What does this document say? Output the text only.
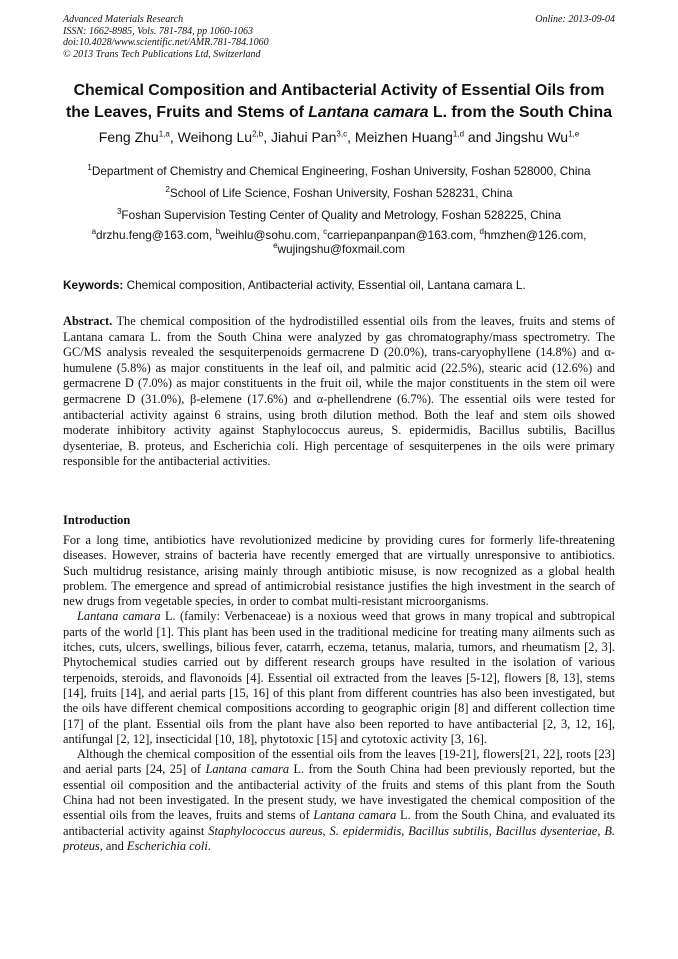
Advanced Materials Research
ISSN: 1662-8985, Vols. 781-784, pp 1060-1063
doi:10.4028/www.scientific.net/AMR.781-784.1060
© 2013 Trans Tech Publications Ltd, Switzerland
Online: 2013-09-04
Chemical Composition and Antibacterial Activity of Essential Oils from
the Leaves, Fruits and Stems of Lantana camara L. from the South China
Feng Zhu$^{1,a}$, Weihong Lu$^{2,b}$, Jiahui Pan$^{3,c}$, Meizhen Huang$^{1,d}$ and Jingshu Wu$^{1,e}$
$^1$Department of Chemistry and Chemical Engineering, Foshan University, Foshan 528000, China
$^2$School of Life Science, Foshan University, Foshan 528231, China
$^3$Foshan Supervision Testing Center of Quality and Metrology, Foshan 528225, China
$^a$drzhu.feng@163.com, $^b$weihlu@sohu.com, $^c$carriepanpanpan@163.com, $^d$hmzhen@126.com,
$^e$wujingshu@foxmail.com
Keywords: Chemical composition, Antibacterial activity, Essential oil, Lantana camara L.
Abstract. The chemical composition of the hydrodistilled essential oils from the leaves, fruits and stems of Lantana camara L. from the South China were analyzed by gas chromatography/mass spectrometry. The GC/MS analysis revealed the sesquiterpenoids germacrene D (20.0%), trans-caryophyllene (14.8%) and α-humulene (5.8%) as major constituents in the leaf oil, and palmitic acid (22.5%), stearic acid (12.6%) and germacrene D (7.0%) as major constituents in the fruit oil, while the major constituents in the stem oil were germacrene D (31.0%), β-elemene (17.6%) and α-phellendrene (6.7%). The essential oils were tested for antibacterial activity against 6 strains, using broth dilution method. Both the leaf and stem oils showed moderate inhibitory activity against Staphylococcus aureus, S. epidermidis, Bacillus subtilis, Bacillus dysenteriae, B. proteus, and Escherichia coli. High percentage of sesquiterpenes in the oils were primary responsible for the antibacterial activities.
Introduction

For a long time, antibiotics have revolutionized medicine by providing cures for formerly life-threatening diseases. However, strains of bacteria have recently emerged that are virtually unresponsive to antibiotics. Such multidrug resistance, arising mainly through antibiotic misuse, is now recognized as a global health problem. The emergence and spread of antimicrobial resistance justifies the high investment in the search of new drugs from vegetable species, in order to combat multi-resistant microorganisms.

Lantana camara L. (family: Verbenaceae) is a noxious weed that grows in many tropical and subtropical parts of the world [1]. This plant has been used in the traditional medicine for treating many ailments such as itches, cuts, ulcers, swellings, bilious fever, catarrh, eczema, tetanus, malaria, tumors, and rheumatism [2, 3]. Phytochemical studies carried out by different research groups have resulted in the isolation of various terpenoids, steroids, and flavonoids [4]. Essential oil extracted from the leaves [5-12], flowers [8, 13], stems [14], fruits [14], and aerial parts [15, 16] of this plant from different countries has also been investigated, but the oils have different chemical compositions according to geographic origin [8] and different collection time [17] of the plant. Essential oils from the plant have also been reported to have antibacterial [2, 3, 12, 16], antifungal [2, 12], insecticidal [10, 18], phytotoxic [15] and cytotoxic activity [3, 16].

Although the chemical composition of the essential oils from the leaves [19-21], flowers[21, 22], roots [23] and aerial parts [24, 25] of Lantana camara L. from the South China had been previously reported, but the essential oil composition and the antibacterial activity of the fruits and stems of this plant from the South China had not been investigated. In the present study, we have investigated the chemical composition of the essential oils from the leaves, fruits and stems of Lantana camara L. from the South China, and evaluated its antibacterial activity against Staphylococcus aureus, S. epidermidis, Bacillus subtilis, Bacillus dysenteriae, B. proteus, and Escherichia coli.
